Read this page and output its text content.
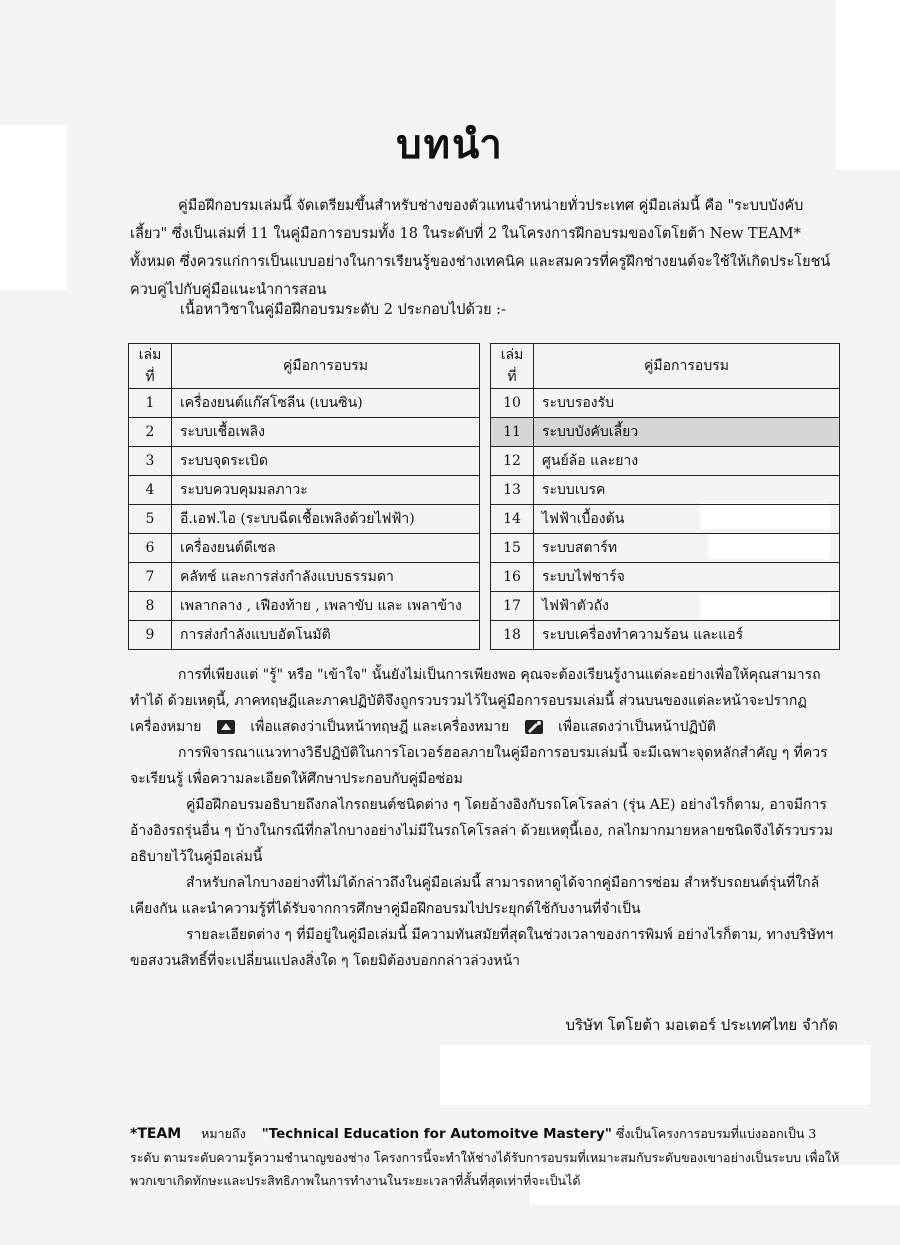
บทนำ
คู่มือฝึกอบรมเล่มนี้ จัดเตรียมขึ้นสำหรับช่างของตัวแทนจำหน่ายทั่วประเทศ คู่มือเล่มนี้ คือ "ระบบบังคับเลี้ยว" ซึ่งเป็นเล่มที่ 11 ในคู่มือการอบรมทั้ง 18 ในระดับที่ 2 ในโครงการฝึกอบรมของโตโยต้า New TEAM* ทั้งหมด ซึ่งควรแก่การเป็นแบบอย่างในการเรียนรู้ของช่างเทคนิค และสมควรที่ครูฝึกช่างยนต์จะใช้ให้เกิดประโยชน์ควบคู่ไปกับคู่มือแนะนำการสอน
เนื้อหาวิชาในคู่มือฝึกอบรมระดับ 2 ประกอบไปด้วย :-
เล่มที่	คู่มือการอบรม
1	เครื่องยนต์แก๊สโซลีน (เบนซิน)
2	ระบบเชื้อเพลิง
3	ระบบจุดระเบิด
4	ระบบควบคุมมลภาวะ
5	อี.เอฟ.ไอ (ระบบฉีดเชื้อเพลิงด้วยไฟฟ้า)
6	เครื่องยนต์ดีเซล
7	คลัทช์ และการส่งกำลังแบบธรรมดา
8	เพลากลาง , เฟืองท้าย , เพลาขับ และ เพลาข้าง
9	การส่งกำลังแบบอัตโนมัติ
เล่มที่	คู่มือการอบรม
10	ระบบรองรับ
11	ระบบบังคับเลี้ยว
12	ศูนย์ล้อ และยาง
13	ระบบเบรค
14	ไฟฟ้าเบื้องต้น
15	ระบบสตาร์ท
16	ระบบไฟชาร์จ
17	ไฟฟ้าตัวถัง
18	ระบบเครื่องทำความร้อน และแอร์
การที่เพียงแต่ "รู้" หรือ "เข้าใจ" นั้นยังไม่เป็นการเพียงพอ คุณจะต้องเรียนรู้งานแต่ละอย่างเพื่อให้คุณสามารถทำได้ ด้วยเหตุนี้, ภาคทฤษฎีและภาคปฏิบัติจึงถูกรวบรวมไว้ในคู่มือการอบรมเล่มนี้ ส่วนบนของแต่ละหน้าจะปรากฏเครื่องหมาย	เพื่อแสดงว่าเป็นหน้าทฤษฎี และเครื่องหมาย	เพื่อแสดงว่าเป็นหน้าปฏิบัติ
การพิจารณาแนวทางวิธีปฏิบัติในการโอเวอร์ฮอลภายในคู่มือการอบรมเล่มนี้ จะมีเฉพาะจุดหลักสำคัญ ๆ ที่ควรจะเรียนรู้ เพื่อความละเอียดให้ศึกษาประกอบกับคู่มือซ่อม
คู่มือฝึกอบรมอธิบายถึงกลไกรถยนต์ชนิดต่าง ๆ โดยอ้างอิงกับรถโคโรลล่า (รุ่น AE) อย่างไรก็ตาม, อาจมีการอ้างอิงรถรุ่นอื่น ๆ บ้างในกรณีที่กลไกบางอย่างไม่มีในรถโคโรลล่า ด้วยเหตุนี้เอง, กลไกมากมายหลายชนิดจึงได้รวบรวมอธิบายไว้ในคู่มือเล่มนี้
สำหรับกลไกบางอย่างที่ไม่ได้กล่าวถึงในคู่มือเล่มนี้ สามารถหาดูได้จากคู่มือการซ่อม สำหรับรถยนต์รุ่นที่ใกล้เคียงกัน และนำความรู้ที่ได้รับจากการศึกษาคู่มือฝึกอบรมไปประยุกต์ใช้กับงานที่จำเป็น
รายละเอียดต่าง ๆ ที่มีอยู่ในคู่มือเล่มนี้ มีความทันสมัยที่สุดในช่วงเวลาของการพิมพ์ อย่างไรก็ตาม, ทางบริษัทฯ ขอสงวนสิทธิ์ที่จะเปลี่ยนแปลงสิ่งใด ๆ โดยมิต้องบอกกล่าวล่วงหน้า
บริษัท โตโยต้า มอเตอร์ ประเทศไทย จำกัด
*TEAM หมายถึง "Technical Education for Automoitve Mastery" ซึ่งเป็นโครงการอบรมที่แบ่งออกเป็น 3 ระดับ ตามระดับความรู้ความชำนาญของช่าง โครงการนี้จะทำให้ช่างได้รับการอบรมที่เหมาะสมกับระดับของเขาอย่างเป็นระบบ เพื่อให้พวกเขาเกิดทักษะและประสิทธิภาพในการทำงานในระยะเวลาที่สั้นที่สุดเท่าที่จะเป็นได้
